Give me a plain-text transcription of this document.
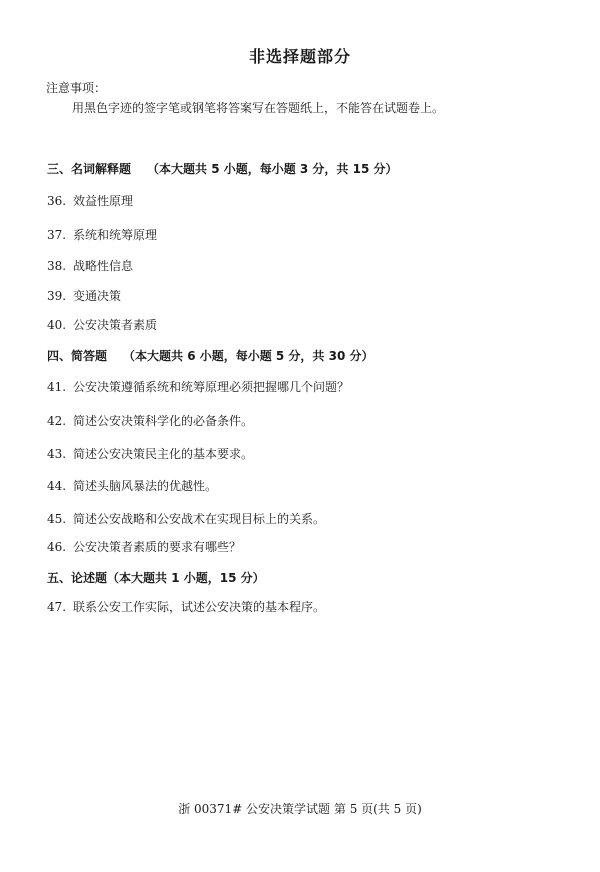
非选择题部分
注意事项：
用黑色字迹的签字笔或钢笔将答案写在答题纸上，不能答在试题卷上。
三、名词解释题 （本大题共 5 小题，每小题 3 分，共 15 分）
36. 效益性原理
37. 系统和统筹原理
38. 战略性信息
39. 变通决策
40. 公安决策者素质
四、简答题 （本大题共 6 小题，每小题 5 分，共 30 分）
41. 公安决策遵循系统和统筹原理必须把握哪几个问题？
42. 简述公安决策科学化的必备条件。
43. 简述公安决策民主化的基本要求。
44. 简述头脑风暴法的优越性。
45. 简述公安战略和公安战术在实现目标上的关系。
46. 公安决策者素质的要求有哪些？
五、论述题（本大题共 1 小题，15 分）
47. 联系公安工作实际，试述公安决策的基本程序。
浙 00371# 公安决策学试题 第 5 页(共 5 页)
